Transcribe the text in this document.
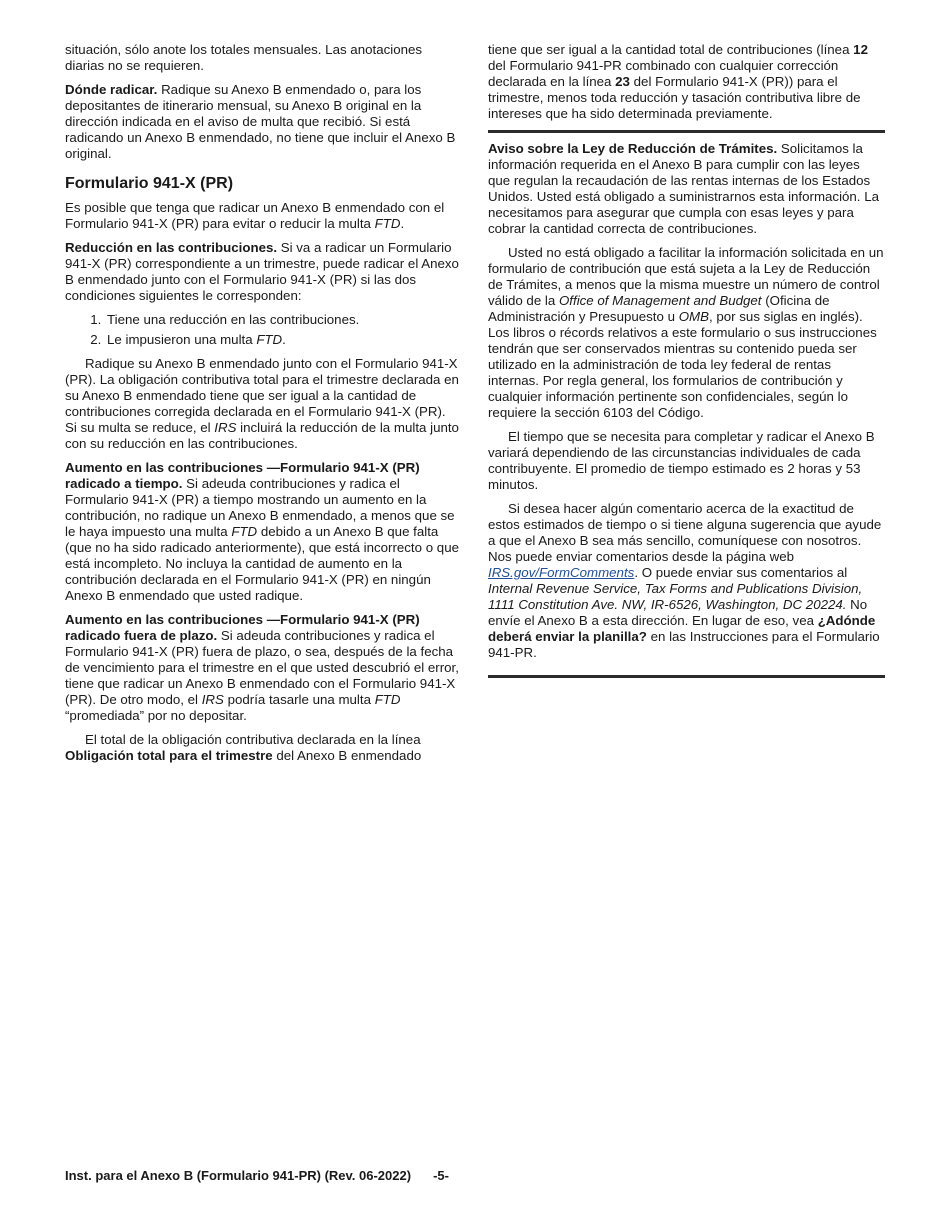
situación, sólo anote los totales mensuales. Las anotaciones diarias no se requieren.

Dónde radicar. Radique su Anexo B enmendado o, para los depositantes de itinerario mensual, su Anexo B original en la dirección indicada en el aviso de multa que recibió. Si está radicando un Anexo B enmendado, no tiene que incluir el Anexo B original.

Formulario 941-X (PR)

Es posible que tenga que radicar un Anexo B enmendado con el Formulario 941-X (PR) para evitar o reducir la multa FTD.

Reducción en las contribuciones. Si va a radicar un Formulario 941-X (PR) correspondiente a un trimestre, puede radicar el Anexo B enmendado junto con el Formulario 941-X (PR) si las dos condiciones siguientes le corresponden:

1. Tiene una reducción en las contribuciones.
2. Le impusieron una multa FTD.

Radique su Anexo B enmendado junto con el Formulario 941-X (PR). La obligación contributiva total para el trimestre declarada en su Anexo B enmendado tiene que ser igual a la cantidad de contribuciones corregida declarada en el Formulario 941-X (PR). Si su multa se reduce, el IRS incluirá la reducción de la multa junto con su reducción en las contribuciones.

Aumento en las contribuciones —Formulario 941-X (PR) radicado a tiempo. Si adeuda contribuciones y radica el Formulario 941-X (PR) a tiempo mostrando un aumento en la contribución, no radique un Anexo B enmendado, a menos que se le haya impuesto una multa FTD debido a un Anexo B que falta (que no ha sido radicado anteriormente), que está incorrecto o que está incompleto. No incluya la cantidad de aumento en la contribución declarada en el Formulario 941-X (PR) en ningún Anexo B enmendado que usted radique.

Aumento en las contribuciones —Formulario 941-X (PR) radicado fuera de plazo. Si adeuda contribuciones y radica el Formulario 941-X (PR) fuera de plazo, o sea, después de la fecha de vencimiento para el trimestre en el que usted descubrió el error, tiene que radicar un Anexo B enmendado con el Formulario 941-X (PR). De otro modo, el IRS podría tasarle una multa FTD “promediada” por no depositar.

El total de la obligación contributiva declarada en la línea Obligación total para el trimestre del Anexo B enmendado

tiene que ser igual a la cantidad total de contribuciones (línea 12 del Formulario 941-PR combinado con cualquier corrección declarada en la línea 23 del Formulario 941-X (PR)) para el trimestre, menos toda reducción y tasación contributiva libre de intereses que ha sido determinada previamente.

Aviso sobre la Ley de Reducción de Trámites. Solicitamos la información requerida en el Anexo B para cumplir con las leyes que regulan la recaudación de las rentas internas de los Estados Unidos. Usted está obligado a suministrarnos esta información. La necesitamos para asegurar que cumpla con esas leyes y para cobrar la cantidad correcta de contribuciones.

Usted no está obligado a facilitar la información solicitada en un formulario de contribución que está sujeta a la Ley de Reducción de Trámites, a menos que la misma muestre un número de control válido de la Office of Management and Budget (Oficina de Administración y Presupuesto u OMB, por sus siglas en inglés). Los libros o récords relativos a este formulario o sus instrucciones tendrán que ser conservados mientras su contenido pueda ser utilizado en la administración de toda ley federal de rentas internas. Por regla general, los formularios de contribución y cualquier información pertinente son confidenciales, según lo requiere la sección 6103 del Código.

El tiempo que se necesita para completar y radicar el Anexo B variará dependiendo de las circunstancias individuales de cada contribuyente. El promedio de tiempo estimado es 2 horas y 53 minutos.

Si desea hacer algún comentario acerca de la exactitud de estos estimados de tiempo o si tiene alguna sugerencia que ayude a que el Anexo B sea más sencillo, comuníquese con nosotros. Nos puede enviar comentarios desde la página web IRS.gov/FormComments. O puede enviar sus comentarios al Internal Revenue Service, Tax Forms and Publications Division, 1111 Constitution Ave. NW, IR-6526, Washington, DC 20224. No envíe el Anexo B a esta dirección. En lugar de eso, vea ¿Adónde deberá enviar la planilla? en las Instrucciones para el Formulario 941-PR.

Inst. para el Anexo B (Formulario 941-PR) (Rev. 06-2022) -5-
